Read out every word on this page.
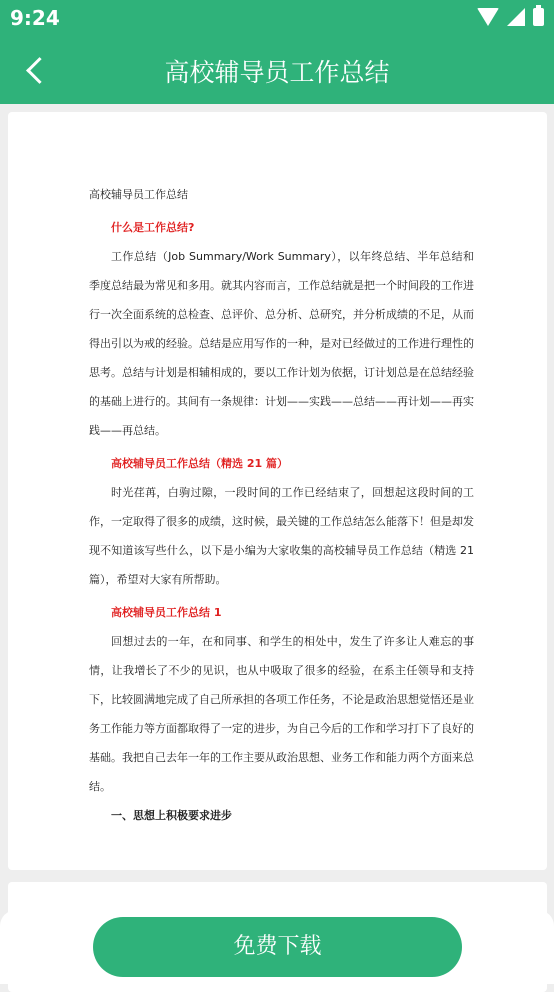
9:24
高校辅导员工作总结

高校辅导员工作总结

什么是工作总结?

工作总结（Job Summary/Work Summary），以年终总结、半年总结和季度总结最为常见和多用。就其内容而言，工作总结就是把一个时间段的工作进行一次全面系统的总检查、总评价、总分析、总研究，并分析成绩的不足，从而得出引以为戒的经验。总结是应用写作的一种，是对已经做过的工作进行理性的思考。总结与计划是相辅相成的，要以工作计划为依据，订计划总是在总结经验的基础上进行的。其间有一条规律：计划——实践——总结——再计划——再实践——再总结。

高校辅导员工作总结（精选 21 篇）

时光荏苒，白驹过隙，一段时间的工作已经结束了，回想起这段时间的工作，一定取得了很多的成绩，这时候，最关键的工作总结怎么能落下！但是却发现不知道该写些什么，以下是小编为大家收集的高校辅导员工作总结（精选 21 篇），希望对大家有所帮助。

高校辅导员工作总结 1

回想过去的一年，在和同事、和学生的相处中，发生了许多让人难忘的事情，让我增长了不少的见识，也从中吸取了很多的经验，在系主任领导和支持下，比较圆满地完成了自己所承担的各项工作任务，不论是政治思想觉悟还是业务工作能力等方面都取得了一定的进步，为自己今后的工作和学习打下了良好的基础。我把自己去年一年的工作主要从政治思想、业务工作和能力两个方面来总结。

一、思想上积极要求进步

免费下载
